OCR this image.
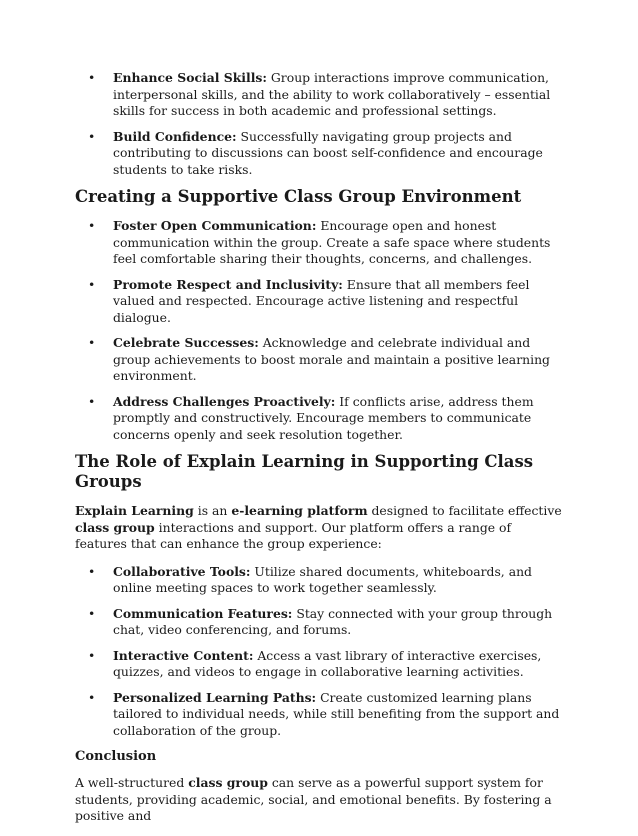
• Enhance Social Skills: Group interactions improve communication, interpersonal skills, and the ability to work collaboratively – essential skills for success in both academic and professional settings.
• Build Confidence: Successfully navigating group projects and contributing to discussions can boost self-confidence and encourage students to take risks.
Creating a Supportive Class Group Environment
• Foster Open Communication: Encourage open and honest communication within the group. Create a safe space where students feel comfortable sharing their thoughts, concerns, and challenges.
• Promote Respect and Inclusivity: Ensure that all members feel valued and respected. Encourage active listening and respectful dialogue.
• Celebrate Successes: Acknowledge and celebrate individual and group achievements to boost morale and maintain a positive learning environment.
• Address Challenges Proactively: If conflicts arise, address them promptly and constructively. Encourage members to communicate concerns openly and seek resolution together.
The Role of Explain Learning in Supporting Class Groups

Explain Learning is an e-learning platform designed to facilitate effective class group interactions and support. Our platform offers a range of features that can enhance the group experience:

• Collaborative Tools: Utilize shared documents, whiteboards, and online meeting spaces to work together seamlessly.
• Communication Features: Stay connected with your group through chat, video conferencing, and forums.
• Interactive Content: Access a vast library of interactive exercises, quizzes, and videos to engage in collaborative learning activities.
• Personalized Learning Paths: Create customized learning plans tailored to individual needs, while still benefiting from the support and collaboration of the group.
Conclusion

A well-structured class group can serve as a powerful support system for students, providing academic, social, and emotional benefits. By fostering a positive and
